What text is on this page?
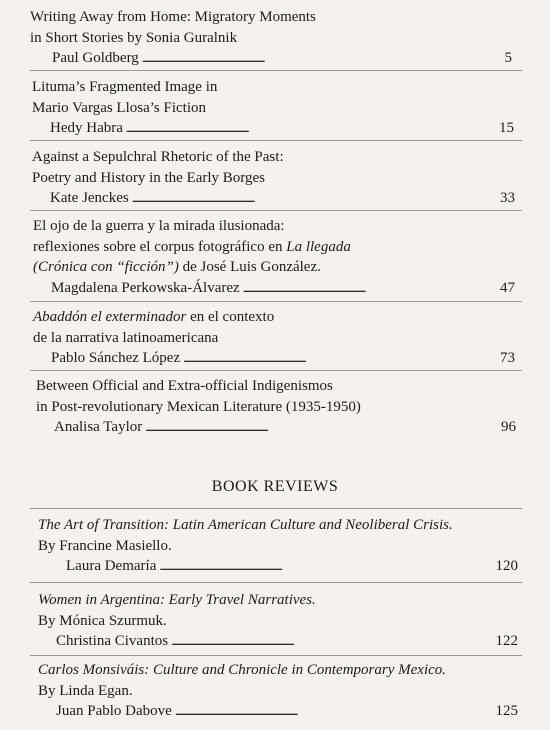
Writing Away from Home: Migratory Moments
in Short Stories by Sonia Guralnik
Paul Goldberg . . .	5
Lituma’s Fragmented Image in
Mario Vargas Llosa’s Fiction
Hedy Habra . . .	15
Against a Sepulchral Rhetoric of the Past:
Poetry and History in the Early Borges
Kate Jenckes . . .	33
El ojo de la guerra y la mirada ilusionada:
reflexiones sobre el corpus fotográfico en La llegada
(Crónica con “ficción”) de José Luis González.
Magdalena Perkowska-Álvarez . . .	47
Abaddón el exterminador en el contexto
de la narrativa latinoamericana
Pablo Sánchez López . . .	73
Between Official and Extra-official Indigenismos
in Post-revolutionary Mexican Literature (1935-1950)
Analisa Taylor . . .	96
BOOK REVIEWS
The Art of Transition: Latin American Culture and Neoliberal Crisis.
By Francine Masiello.
Laura Demaría . . .	120
Women in Argentina: Early Travel Narratives.
By Mónica Szurmuk.
Christina Civantos . . .	122
Carlos Monsiváis: Culture and Chronicle in Contemporary Mexico.
By Linda Egan.
Juan Pablo Dabove . . .	125
